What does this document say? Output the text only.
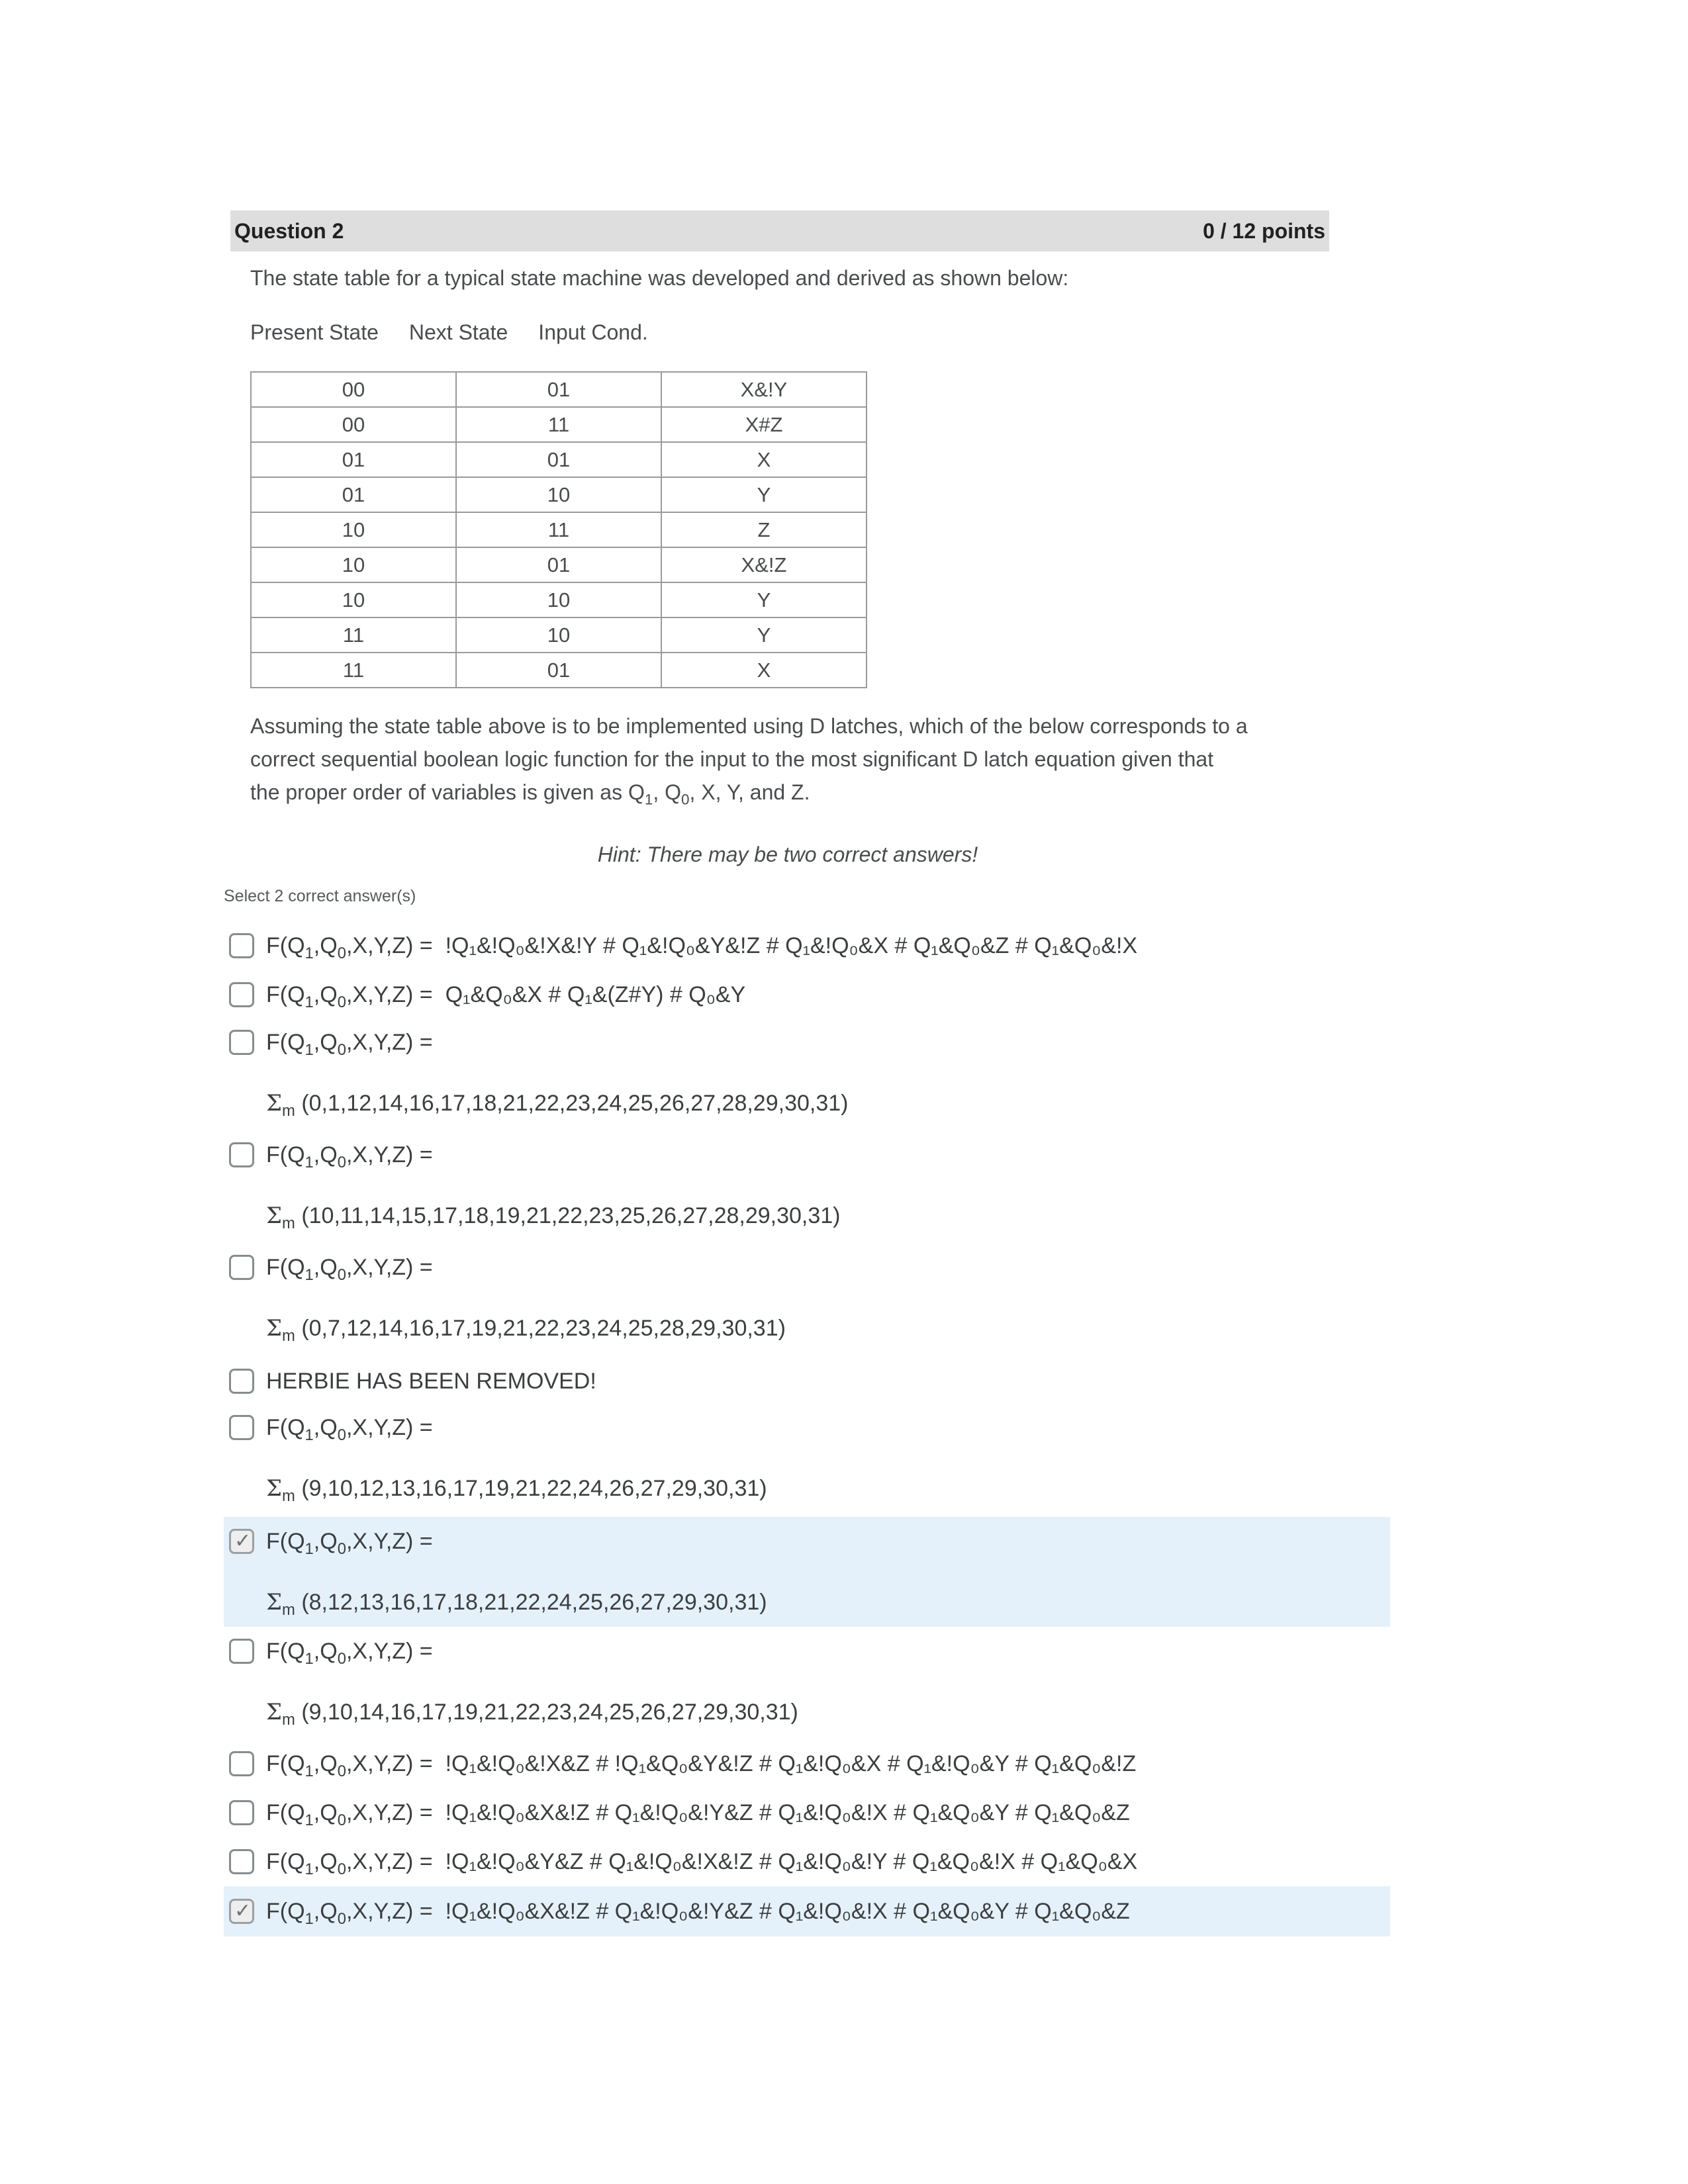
Question 2	0 / 12 points
The state table for a typical state machine was developed and derived as shown below:
Present State Next State Input Cond.
00	01	X&!Y
00	11	X#Z
01	01	X
01	10	Y
10	11	Z
10	01	X&!Z
10	10	Y
11	10	Y
11	01	X
Assuming the state table above is to be implemented using D latches, which of the below corresponds to a
correct sequential boolean logic function for the input to the most significant D latch equation given that
the proper order of variables is given as $Q_1$, $Q_0$, X, Y, and Z.
Hint: There may be two correct answers!
Select 2 correct answer(s)
$F(Q_1,Q_0,X,Y,Z)$ = !Q₁&!Q₀&!X&!Y # Q₁&!Q₀&Y&!Z # Q₁&!Q₀&X # Q₁&Q₀&Z # Q₁&Q₀&!X
$F(Q_1,Q_0,X,Y,Z)$ = Q₁&Q₀&X # Q₁&(Z#Y) # Q₀&Y
$F(Q_1,Q_0,X,Y,Z)$ =
$\Sigma_m$ (0,1,12,14,16,17,18,21,22,23,24,25,26,27,28,29,30,31)
$F(Q_1,Q_0,X,Y,Z)$ =
$\Sigma_m$ (10,11,14,15,17,18,19,21,22,23,25,26,27,28,29,30,31)
$F(Q_1,Q_0,X,Y,Z)$ =
$\Sigma_m$ (0,7,12,14,16,17,19,21,22,23,24,25,28,29,30,31)
HERBIE HAS BEEN REMOVED!
$F(Q_1,Q_0,X,Y,Z)$ =
$\Sigma_m$ (9,10,12,13,16,17,19,21,22,24,26,27,29,30,31)
✓ $F(Q_1,Q_0,X,Y,Z)$ =
$\Sigma_m$ (8,12,13,16,17,18,21,22,24,25,26,27,29,30,31)
$F(Q_1,Q_0,X,Y,Z)$ =
$\Sigma_m$ (9,10,14,16,17,19,21,22,23,24,25,26,27,29,30,31)
$F(Q_1,Q_0,X,Y,Z)$ = !Q₁&!Q₀&!X&Z # !Q₁&Q₀&Y&!Z # Q₁&!Q₀&X # Q₁&!Q₀&Y # Q₁&Q₀&!Z
$F(Q_1,Q_0,X,Y,Z)$ = !Q₁&!Q₀&X&!Z # Q₁&!Q₀&!Y&Z # Q₁&!Q₀&!X # Q₁&Q₀&Y # Q₁&Q₀&Z
$F(Q_1,Q_0,X,Y,Z)$ = !Q₁&!Q₀&Y&Z # Q₁&!Q₀&!X&!Z # Q₁&!Q₀&!Y # Q₁&Q₀&!X # Q₁&Q₀&X
✓ $F(Q_1,Q_0,X,Y,Z)$ = !Q₁&!Q₀&X&!Z # Q₁&!Q₀&!Y&Z # Q₁&!Q₀&!X # Q₁&Q₀&Y # Q₁&Q₀&Z
